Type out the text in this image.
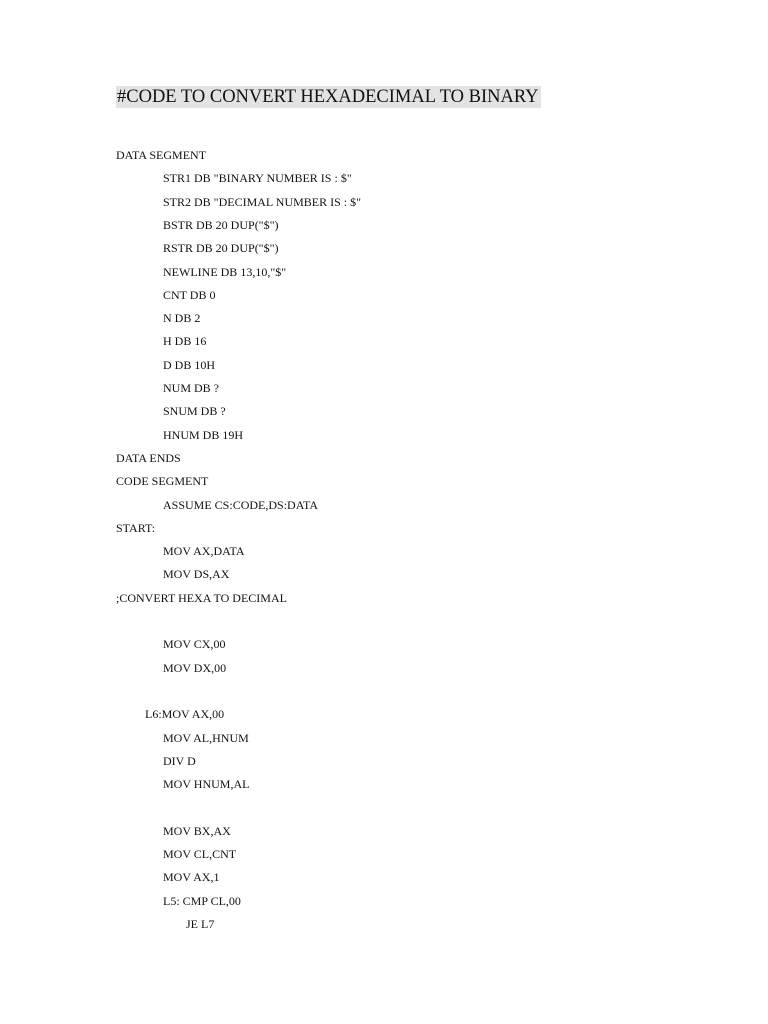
#CODE TO CONVERT HEXADECIMAL TO BINARY
DATA SEGMENT
STR1 DB "BINARY NUMBER IS : $"
STR2 DB "DECIMAL NUMBER IS : $"
BSTR DB 20 DUP("$")
RSTR DB 20 DUP("$")
NEWLINE DB 13,10,"$"
CNT DB 0
N DB 2
H DB 16
D DB 10H
NUM DB ?
SNUM DB ?
HNUM DB 19H
DATA ENDS
CODE SEGMENT
ASSUME CS:CODE,DS:DATA
START:
MOV AX,DATA
MOV DS,AX
;CONVERT HEXA TO DECIMAL
MOV CX,00
MOV DX,00
L6:MOV AX,00
MOV AL,HNUM
DIV D
MOV HNUM,AL
MOV BX,AX
MOV CL,CNT
MOV AX,1
L5: CMP CL,00
JE L7
